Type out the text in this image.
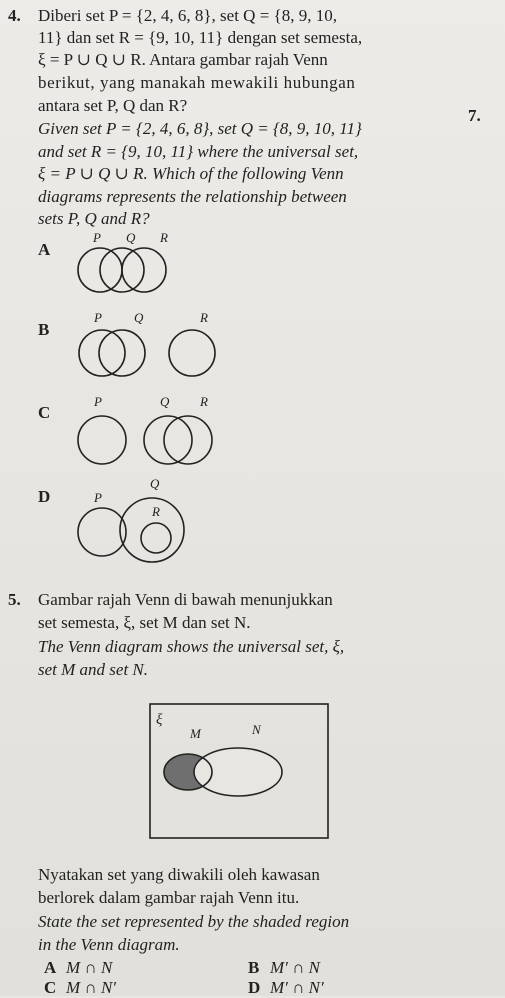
4. Diberi set P = {2, 4, 6, 8}, set Q = {8, 9, 10,
11} dan set R = {9, 10, 11} dengan set semesta,
ξ = P ∪ Q ∪ R. Antara gambar rajah Venn
berikut, yang manakah mewakili hubungan
antara set P, Q dan R?
Given set P = {2, 4, 6, 8}, set Q = {8, 9, 10, 11}
and set R = {9, 10, 11} where the universal set,
ξ = P ∪ Q ∪ R. Which of the following Venn
diagrams represents the relationship between
sets P, Q and R?
7.
A
P Q R
B
P Q	R
C
P	Q R
D	P
Q
R
5. Gambar rajah Venn di bawah menunjukkan
set semesta, ξ, set M dan set N.
The Venn diagram shows the universal set, ξ,
set M and set N.
ξ
M	N
Nyatakan set yang diwakili oleh kawasan
berlorek dalam gambar rajah Venn itu.
State the set represented by the shaded region
in the Venn diagram.
A M ∩ N	B M′ ∩ N
C M ∩ N′	D M′ ∩ N′
